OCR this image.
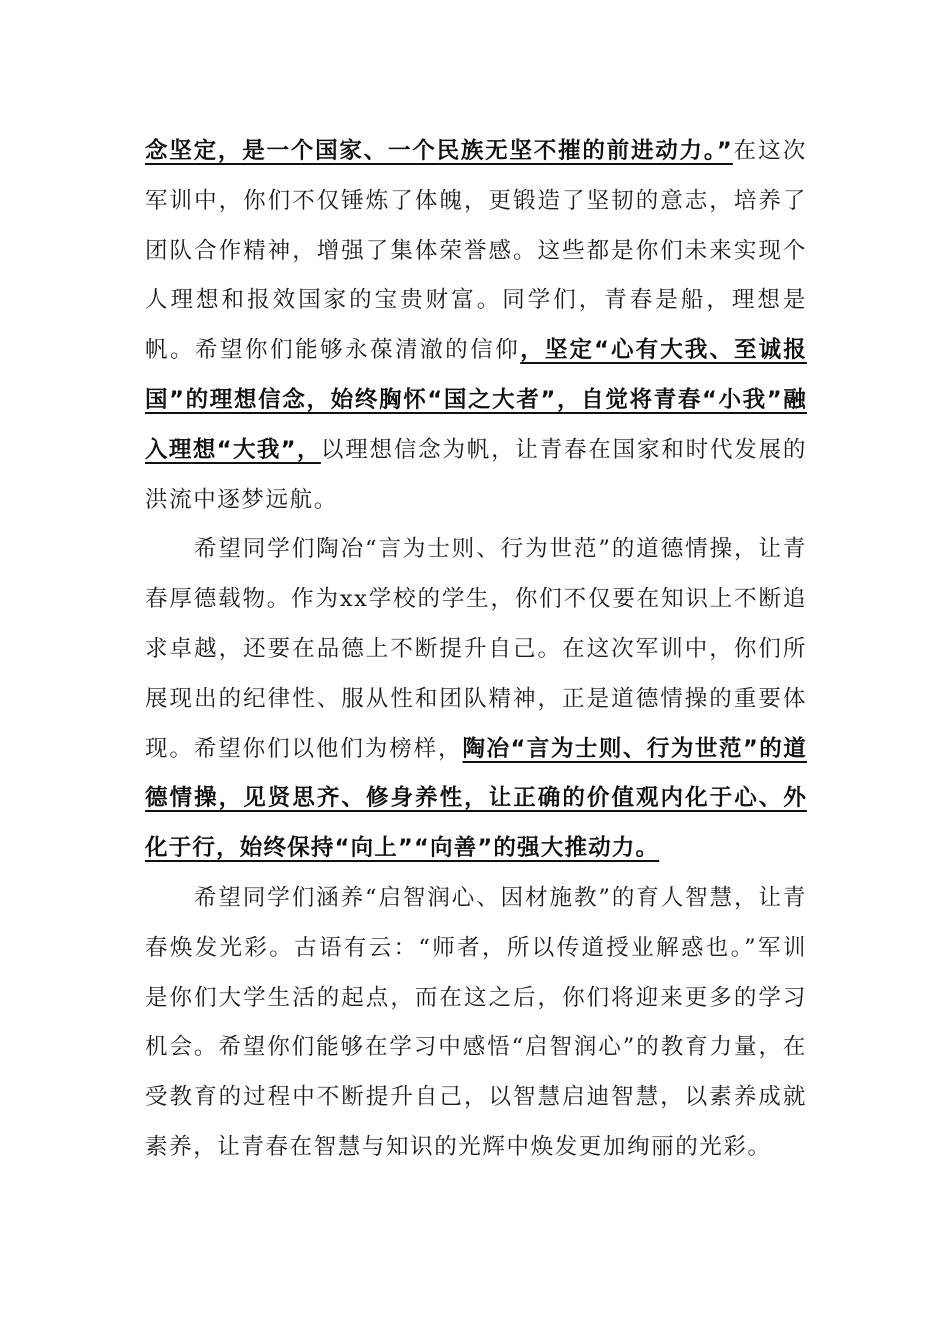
念坚定，是一个国家、一个民族无坚不摧的前进动力。”在这次军训中，你们不仅锤炼了体魄，更锻造了坚韧的意志，培养了团队合作精神，增强了集体荣誉感。这些都是你们未来实现个人理想和报效国家的宝贵财富。同学们，青春是船，理想是帆。希望你们能够永葆清澈的信仰，坚定“心有大我、至诚报国”的理想信念，始终胸怀“国之大者”，自觉将青春“小我”融入理想“大我”，以理想信念为帆，让青春在国家和时代发展的洪流中逐梦远航。

希望同学们陶冶“言为士则、行为世范”的道德情操，让青春厚德载物。作为xx学校的学生，你们不仅要在知识上不断追求卓越，还要在品德上不断提升自己。在这次军训中，你们所展现出的纪律性、服从性和团队精神，正是道德情操的重要体现。希望你们以他们为榜样，陶冶“言为士则、行为世范”的道德情操，见贤思齐、修身养性，让正确的价值观内化于心、外化于行，始终保持“向上”“向善”的强大推动力。

希望同学们涵养“启智润心、因材施教”的育人智慧，让青春焕发光彩。古语有云：“师者，所以传道授业解惑也。”军训是你们大学生活的起点，而在这之后，你们将迎来更多的学习机会。希望你们能够在学习中感悟“启智润心”的教育力量，在受教育的过程中不断提升自己，以智慧启迪智慧，以素养成就素养，让青春在智慧与知识的光辉中焕发更加绚丽的光彩。
